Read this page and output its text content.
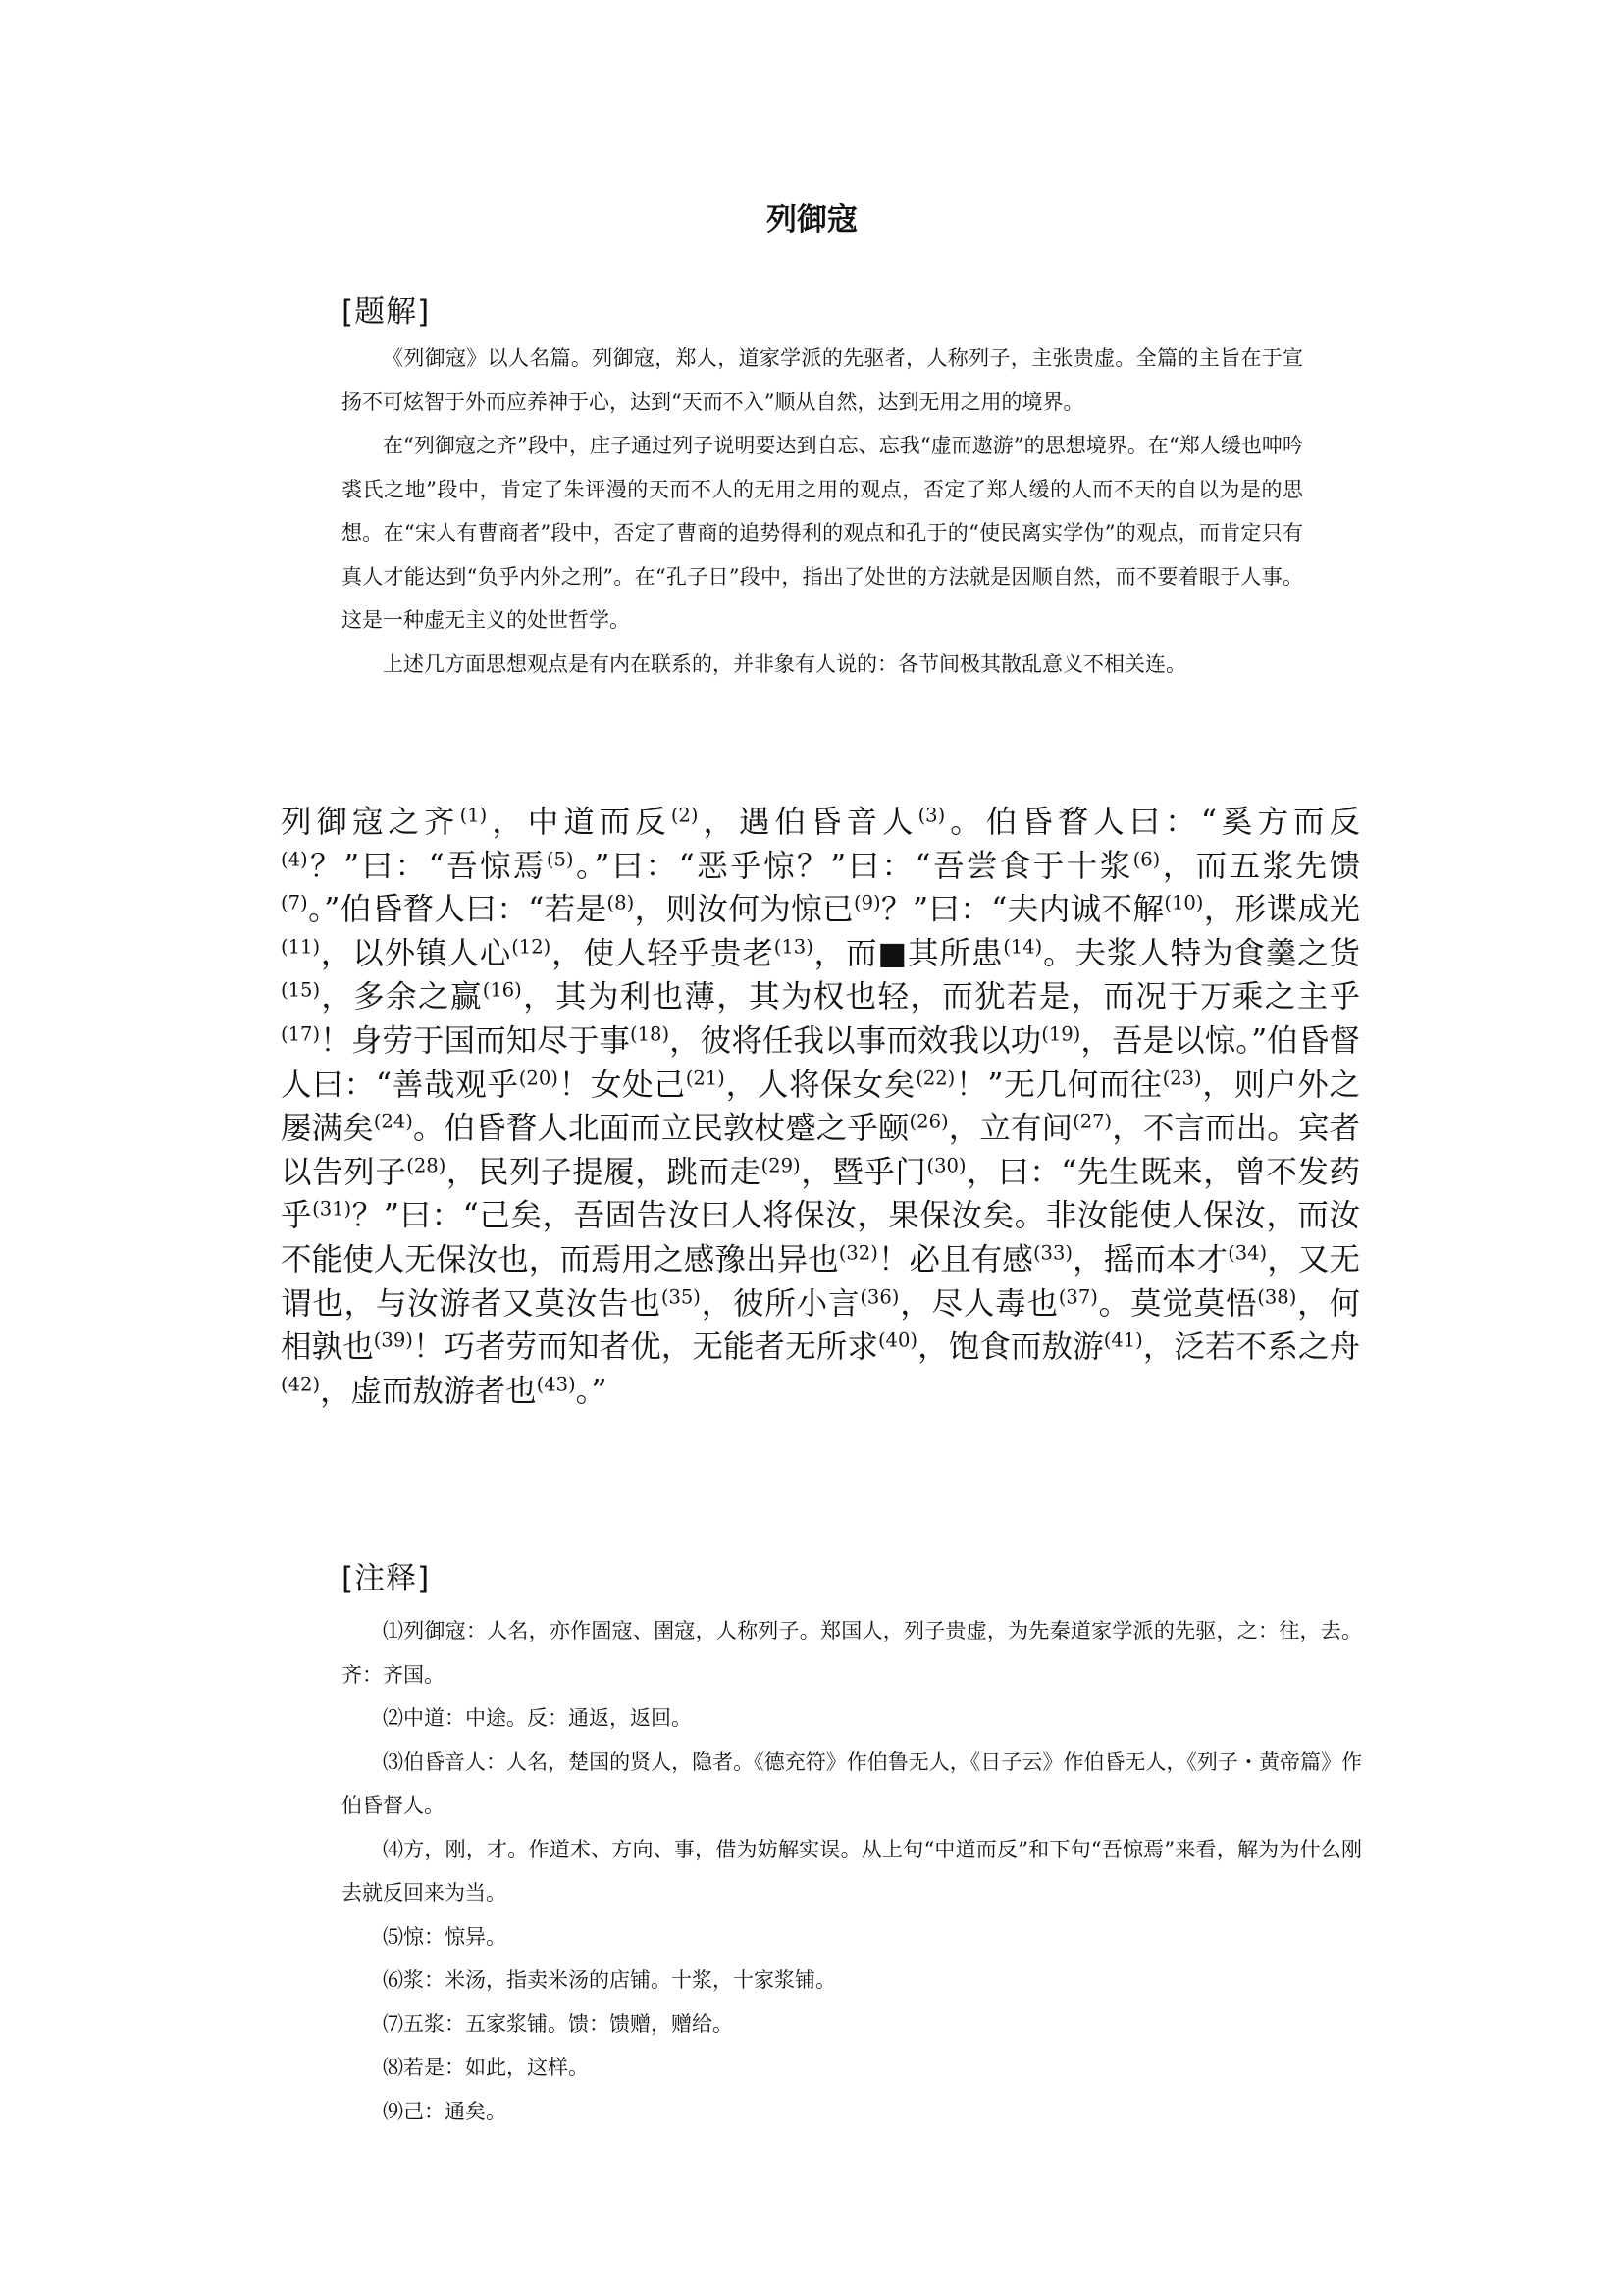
列御寇
[题解]

《列御寇》以人名篇。列御寇，郑人，道家学派的先驱者，人称列子，主张贵虚。全篇的主旨在于宣扬不可炫智于外而应养神于心，达到“天而不入”顺从自然，达到无用之用的境界。

在“列御寇之齐”段中，庄子通过列子说明要达到自忘、忘我“虚而遨游”的思想境界。在“郑人缓也呻吟裘氏之地”段中，肯定了朱评漫的天而不人的无用之用的观点，否定了郑人缓的人而不天的自以为是的思想。在“宋人有曹商者”段中，否定了曹商的追势得利的观点和孔于的“使民离实学伪”的观点，而肯定只有真人才能达到“负乎内外之刑”。在“孔子日”段中，指出了处世的方法就是因顺自然，而不要着眼于人事。这是一种虚无主义的处世哲学。

上述几方面思想观点是有内在联系的，并非象有人说的：各节间极其散乱意义不相关连。

列御寇之齐$^{(1)}$，中道而反$^{(2)}$，遇伯昏音人$^{(3)}$。伯昏瞀人曰：“奚方而反$^{(4)}$？”曰：“吾惊焉$^{(5)}$。”曰：“恶乎惊？”曰：“吾尝食于十浆$^{(6)}$，而五浆先馈$^{(7)}$。”伯昏瞀人曰：“若是$^{(8)}$，则汝何为惊已$^{(9)}$？”曰：“夫内诚不解$^{(10)}$，形谍成光$^{(11)}$，以外镇人心$^{(12)}$，使人轻乎贵老$^{(13)}$，而■其所患$^{(14)}$。夫浆人特为食羹之货$^{(15)}$，多余之赢$^{(16)}$，其为利也薄，其为权也轻，而犹若是，而况于万乘之主乎$^{(17)}$！身劳于国而知尽于事$^{(18)}$，彼将任我以事而效我以功$^{(19)}$，吾是以惊。”伯昏督人曰：“善哉观乎$^{(20)}$！女处己$^{(21)}$，人将保女矣$^{(22)}$！”无几何而往$^{(23)}$，则户外之屡满矣$^{(24)}$。伯昏瞀人北面而立民敦杖蹙之乎颐$^{(26)}$，立有间$^{(27)}$，不言而出。宾者以告列子$^{(28)}$，民列子提履，跳而走$^{(29)}$，暨乎门$^{(30)}$，曰：“先生既来，曾不发药乎$^{(31)}$？”曰：“己矣，吾固告汝曰人将保汝，果保汝矣。非汝能使人保汝，而汝不能使人无保汝也，而焉用之感豫出异也$^{(32)}$！必且有感$^{(33)}$，摇而本才$^{(34)}$，又无谓也，与汝游者又莫汝告也$^{(35)}$，彼所小言$^{(36)}$，尽人毒也$^{(37)}$。莫觉莫悟$^{(38)}$，何相孰也$^{(39)}$！巧者劳而知者优，无能者无所求$^{(40)}$，饱食而敖游$^{(41)}$，泛若不系之舟$^{(42)}$，虚而敖游者也$^{(43)}$。”

[注释]

⑴列御寇：人名，亦作圄寇、圉寇，人称列子。郑国人，列子贵虚，为先秦道家学派的先驱，之：往，去。齐：齐国。

⑵中道：中途。反：通返，返回。

⑶伯昏音人：人名，楚国的贤人，隐者。《德充符》作伯鲁无人，《日子云》作伯昏无人，《列子・黄帝篇》作伯昏督人。

⑷方，刚，才。作道术、方向、事，借为妨解实误。从上句“中道而反”和下句“吾惊焉”来看，解为为什么刚去就反回来为当。

⑸惊：惊异。

⑹浆：米汤，指卖米汤的店铺。十浆，十家浆铺。

⑺五浆：五家浆铺。馈：馈赠，赠给。

⑻若是：如此，这样。

⑼己：通矣。
